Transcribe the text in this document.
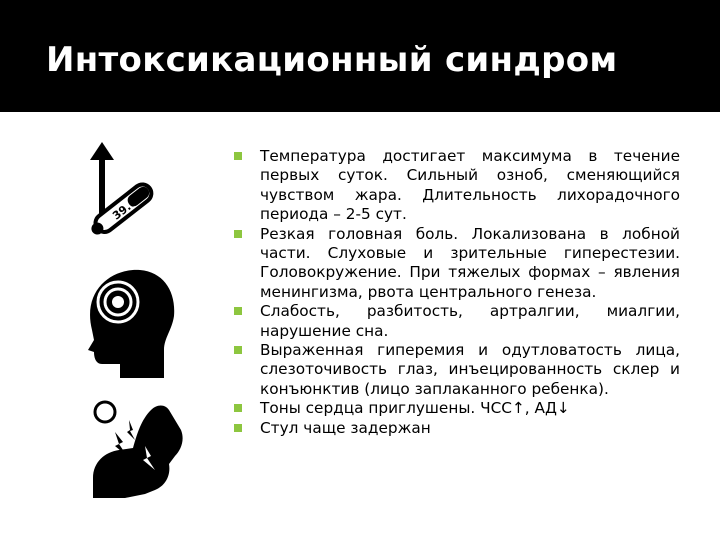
Интоксикационный синдром
39.0
Температура достигает максимума в течение первых суток. Сильный озноб, сменяющийся чувством жара. Длительность лихорадочного периода – 2-5 сут.
Резкая головная боль. Локализована в лобной части. Слуховые и зрительные гиперестезии. Головокружение. При тяжелых формах – явления менингизма, рвота центрального генеза.
Слабость, разбитость, артралгии, миалгии, нарушение сна.
Выраженная гиперемия и одутловатость лица, слезоточивость глаз, инъецированность склер и конъюнктив (лицо заплаканного ребенка).
Тоны сердца приглушены. ЧСС↑, АД↓
Стул чаще задержан
